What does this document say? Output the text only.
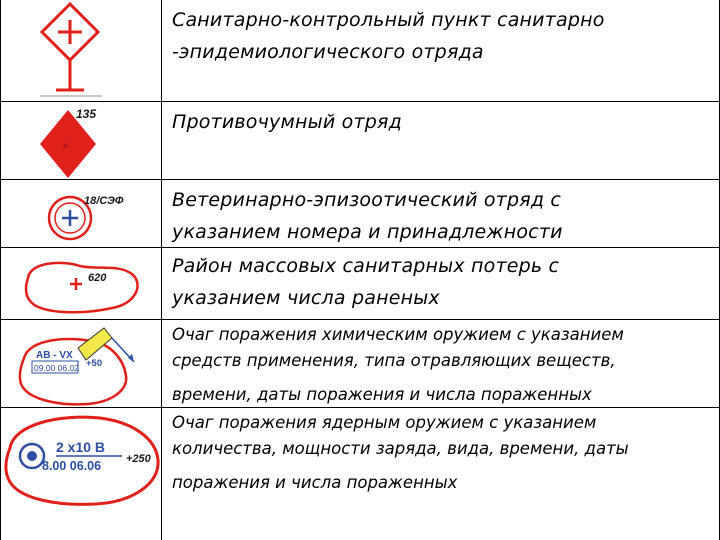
Санитарно-контрольный пункт санитарно
-эпидемиологического отряда
+
135	Противочумный отряд
18/СЭФ	Ветеринарно-эпизоотический отряд с
указанием номера и принадлежности
620
Район массовых санитарных потерь с
указанием числа раненых
АВ - VX
09.00 06.02 +50
Очаг поражения химическим оружием с указанием
средств применения, типа отравляющих веществ,
времени, даты поражения и числа пораженных
2 х10 В
8.00 06.06 +250
Очаг поражения ядерным оружием с указанием
количества, мощности заряда, вида, времени, даты
поражения и числа пораженных
